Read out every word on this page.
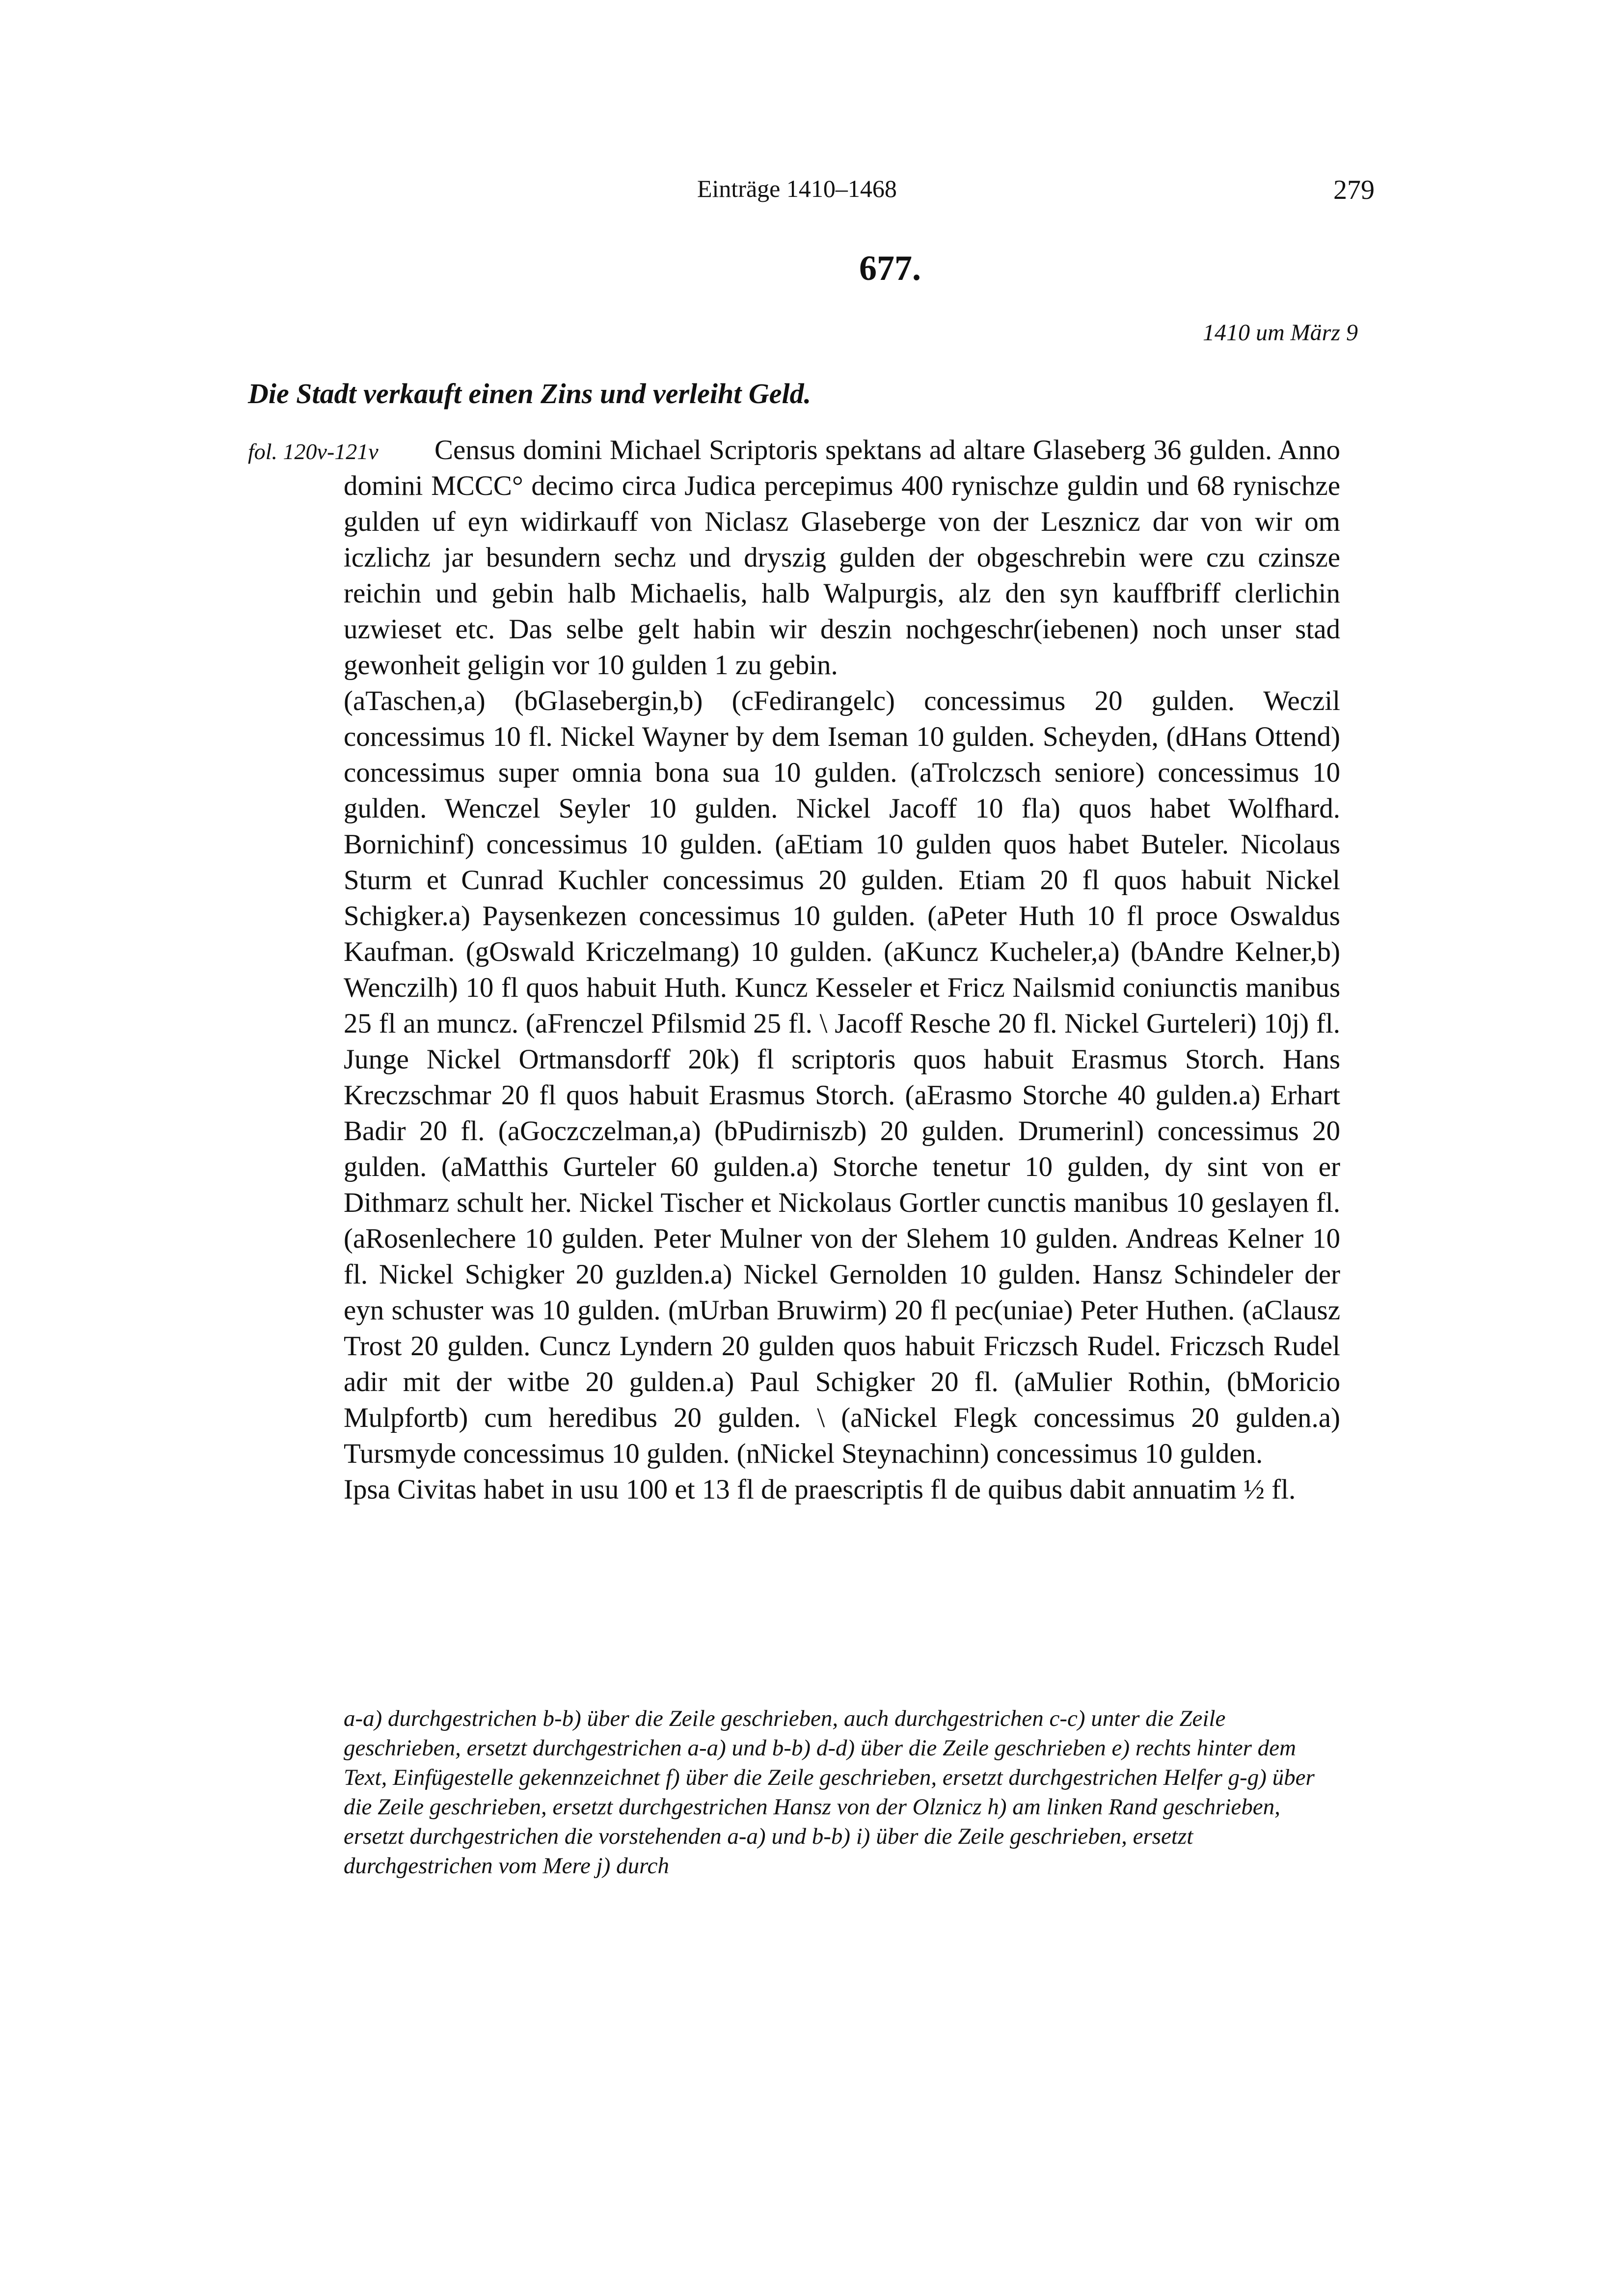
Einträge 1410–1468	279
677.
1410 um März 9
Die Stadt verkauft einen Zins und verleiht Geld.
fol. 120v-121v	Census domini Michael Scriptoris spektans ad altare Glaseberg 36 gulden. Anno domini MCCC° decimo circa Judica percepimus 400 rynischze guldin und 68 rynischze gulden uf eyn widirkauff von Niclasz Glaseberge von der Lesznicz dar von wir om iczlichz jar besundern sechz und dryszig gulden der obgeschrebin were czu czinsze reichin und gebin halb Michaelis, halb Walpurgis, alz den syn kauffbriff clerlichin uzwieset etc. Das selbe gelt habin wir deszin nochgeschr(iebenen) noch unser stad gewonheit geligin vor 10 gulden 1 zu gebin.

(aTaschen,a) (bGlasebergin,b) (cFedirangelc) concessimus 20 gulden. Weczil concessimus 10 fl. Nickel Wayner by dem Iseman 10 gulden. Scheyden, (dHans Ottend) concessimus super omnia bona sua 10 gulden. (aTrolczsch seniore) concessimus 10 gulden. Wenczel Seyler 10 gulden. Nickel Jacoff 10 fla) quos habet Wolfhard. Bornichinf) concessimus 10 gulden. (aEtiam 10 gulden quos habet Buteler. Nicolaus Sturm et Cunrad Kuchler concessimus 20 gulden. Etiam 20 fl quos habuit Nickel Schigker.a) Paysenkezen concessimus 10 gulden. (aPeter Huth 10 fl proce Oswaldus Kaufman. (gOswald Kriczelmang) 10 gulden. (aKuncz Kucheler,a) (bAndre Kelner,b) Wenczilh) 10 fl quos habuit Huth. Kuncz Kesseler et Fricz Nailsmid coniunctis manibus 25 fl an muncz. (aFrenczel Pfilsmid 25 fl. \ Jacoff Resche 20 fl. Nickel Gurteleri) 10j) fl. Junge Nickel Ortmansdorff 20k) fl scriptoris quos habuit Erasmus Storch. Hans Kreczschmar 20 fl quos habuit Erasmus Storch. (aErasmo Storche 40 gulden.a) Erhart Badir 20 fl. (aGoczczelman,a) (bPudirniszb) 20 gulden. Drumerinl) concessimus 20 gulden. (aMatthis Gurteler 60 gulden.a) Storche tenetur 10 gulden, dy sint von er Dithmarz schult her. Nickel Tischer et Nickolaus Gortler cunctis manibus 10 geslayen fl. (aRosenlechere 10 gulden. Peter Mulner von der Slehem 10 gulden. Andreas Kelner 10 fl. Nickel Schigker 20 guzlden.a) Nickel Gernolden 10 gulden. Hansz Schindeler der eyn schuster was 10 gulden. (mUrban Bruwirm) 20 fl pec(uniae) Peter Huthen. (aClausz Trost 20 gulden. Cuncz Lyndern 20 gulden quos habuit Friczsch Rudel. Friczsch Rudel adir mit der witbe 20 gulden.a) Paul Schigker 20 fl. (aMulier Rothin, (bMoricio Mulpfortb) cum heredibus 20 gulden. \ (aNickel Flegk concessimus 20 gulden.a) Tursmyde concessimus 10 gulden. (nNickel Steynachinn) concessimus 10 gulden.

Ipsa Civitas habet in usu 100 et 13 fl de praescriptis fl de quibus dabit annuatim ½ fl.

a-a) durchgestrichen b-b) über die Zeile geschrieben, auch durchgestrichen c-c) unter die Zeile geschrieben, ersetzt durchgestrichen a-a) und b-b) d-d) über die Zeile geschrieben e) rechts hinter dem Text, Einfügestelle gekennzeichnet f) über die Zeile geschrieben, ersetzt durchgestrichen Helfer g-g) über die Zeile geschrieben, ersetzt durchgestrichen Hansz von der Olznicz h) am linken Rand geschrieben, ersetzt durchgestrichen die vorstehenden a-a) und b-b) i) über die Zeile geschrieben, ersetzt durchgestrichen vom Mere j) durch
